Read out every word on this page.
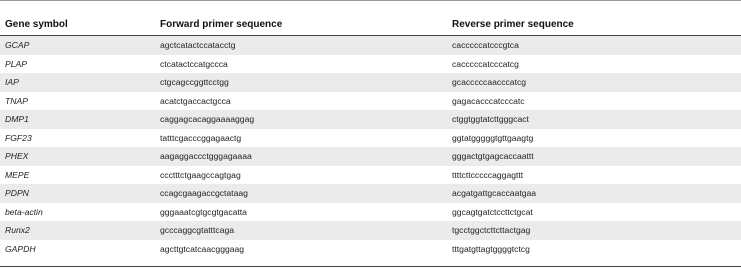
Gene symbol	Forward primer sequence	Reverse primer sequence
GCAP	agctcatactccatacctg	cacccccatcccgtca
PLAP	ctcatactccatgccca	cacccccatcccatcg
IAP	ctgcagccggttcctgg	gcacccccaacccatcg
TNAP	acatctgaccactgcca	gagacacccatcccatc
DMP1	caggagcacaggaaaaggag	ctggtggtatcttgggcact
FGF23	tatttcgacccggagaactg	ggtatgggggtgttgaagtg
PHEX	aagaggaccctgggagaaaa	gggactgtgagcaccaattt
MEPE	ccctttctgaagccagtgag	ttttcttcccccaggagttt
PDPN	ccagcgaagaccgctataag	acgatgattgcaccaatgaa
beta-actin	gggaaatcgtgcgtgacatta	ggcagtgatctccttctgcat
Runx2	gcccaggcgtatttcaga	tgcctggctcttcttactgag
GAPDH	agcttgtcatcaacgggaag	tttgatgttagtggggtctcg
